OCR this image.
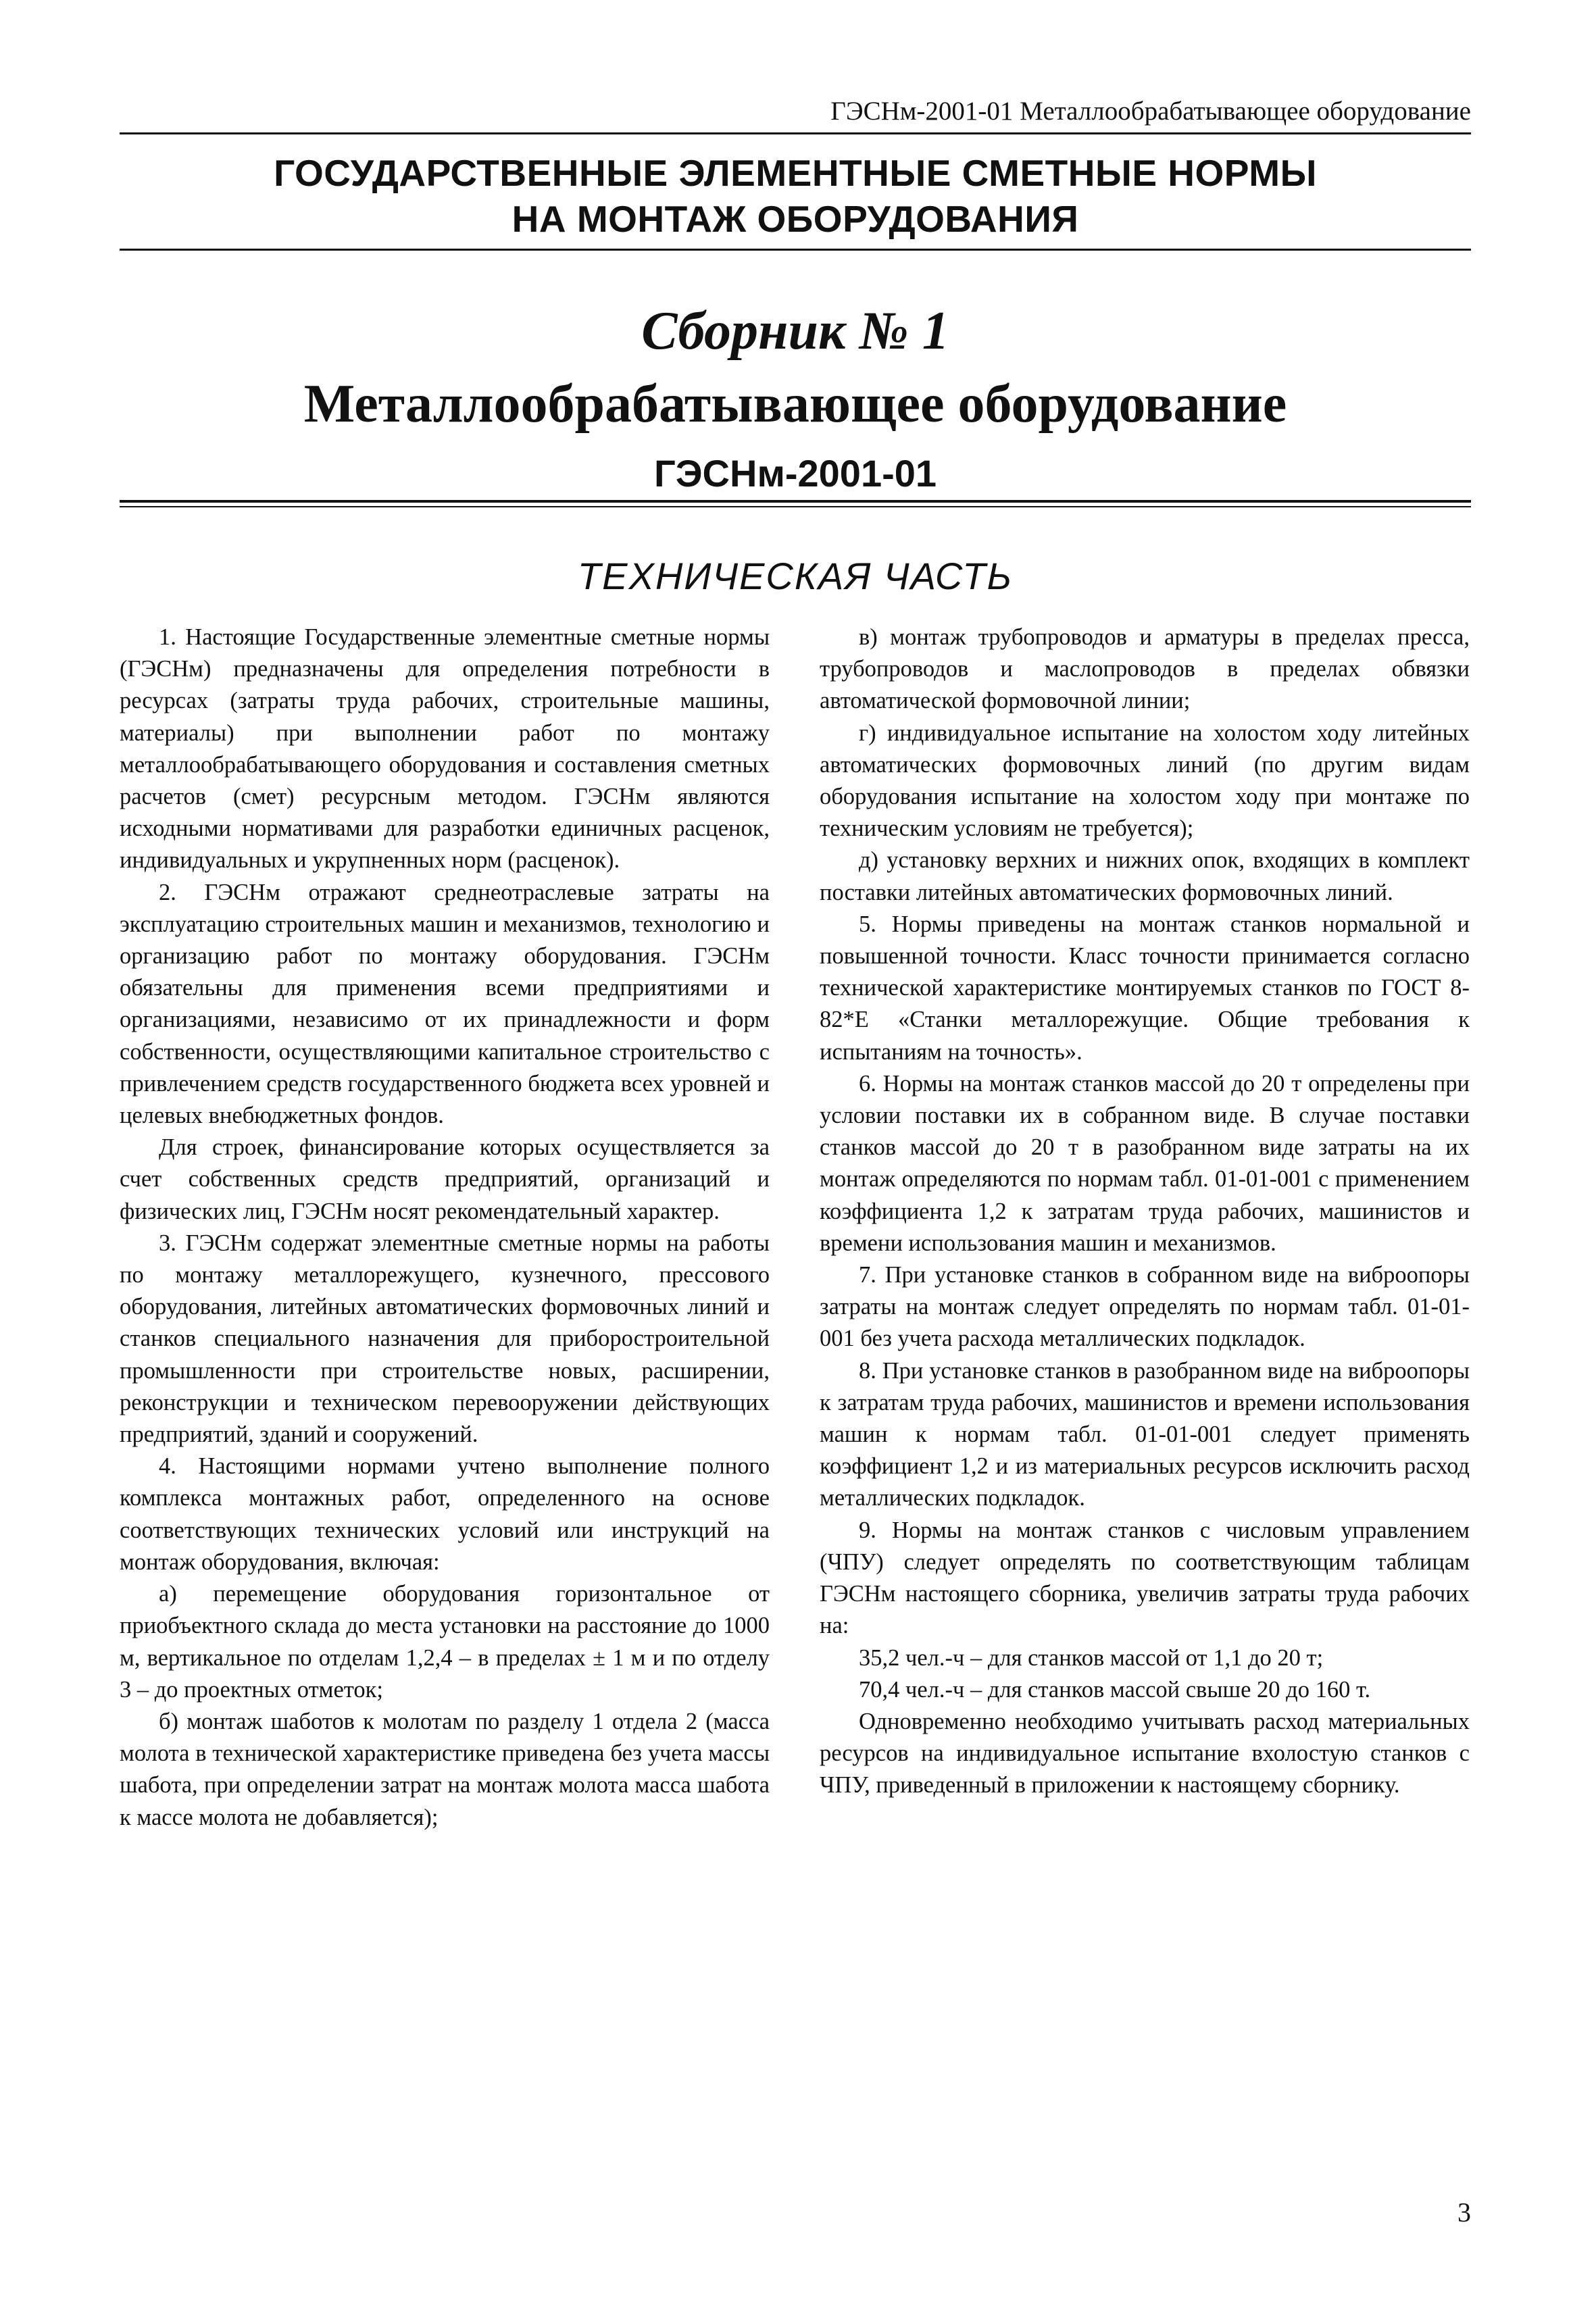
ГЭСНм-2001-01 Металлообрабатывающее оборудование
ГОСУДАРСТВЕННЫЕ ЭЛЕМЕНТНЫЕ СМЕТНЫЕ НОРМЫ
НА МОНТАЖ ОБОРУДОВАНИЯ
Сборник № 1
Металлообрабатывающее оборудование
ГЭСНм-2001-01
ТЕХНИЧЕСКАЯ ЧАСТЬ

1. Настоящие Государственные элементные сметные нормы (ГЭСНм) предназначены для определения потребности в ресурсах (затраты труда рабочих, строительные машины, материалы) при выполнении работ по монтажу металлообрабатывающего оборудования и составления сметных расчетов (смет) ресурсным методом. ГЭСНм являются исходными нормативами для разработки единичных расценок, индивидуальных и укрупненных норм (расценок).

2. ГЭСНм отражают среднеотраслевые затраты на эксплуатацию строительных машин и механизмов, технологию и организацию работ по монтажу оборудования. ГЭСНм обязательны для применения всеми предприятиями и организациями, независимо от их принадлежности и форм собственности, осуществляющими капитальное строительство с привлечением средств государственного бюджета всех уровней и целевых внебюджетных фондов.

Для строек, финансирование которых осуществляется за счет собственных средств предприятий, организаций и физических лиц, ГЭСНм носят рекомендательный характер.

3. ГЭСНм содержат элементные сметные нормы на работы по монтажу металлорежущего, кузнечного, прессового оборудования, литейных автоматических формовочных линий и станков специального назначения для приборостроительной промышленности при строительстве новых, расширении, реконструкции и техническом перевооружении действующих предприятий, зданий и сооружений.

4. Настоящими нормами учтено выполнение полного комплекса монтажных работ, определенного на основе соответствующих технических условий или инструкций на монтаж оборудования, включая:

а) перемещение оборудования горизонтальное от приобъектного склада до места установки на расстояние до 1000 м, вертикальное по отделам 1,2,4 – в пределах ± 1 м и по отделу 3 – до проектных отметок;

б) монтаж шаботов к молотам по разделу 1 отдела 2 (масса молота в технической характеристике приведена без учета массы шабота, при определении затрат на монтаж молота масса шабота к массе молота не добавляется);

в) монтаж трубопроводов и арматуры в пределах пресса, трубопроводов и маслопроводов в пределах обвязки автоматической формовочной линии;

г) индивидуальное испытание на холостом ходу литейных автоматических формовочных линий (по другим видам оборудования испытание на холостом ходу при монтаже по техническим условиям не требуется);

д) установку верхних и нижних опок, входящих в комплект поставки литейных автоматических формовочных линий.

5. Нормы приведены на монтаж станков нормальной и повышенной точности. Класс точности принимается согласно технической характеристике монтируемых станков по ГОСТ 8-82*Е «Станки металлорежущие. Общие требования к испытаниям на точность».

6. Нормы на монтаж станков массой до 20 т определены при условии поставки их в собранном виде. В случае поставки станков массой до 20 т в разобранном виде затраты на их монтаж определяются по нормам табл. 01-01-001 с применением коэффициента 1,2 к затратам труда рабочих, машинистов и времени использования машин и механизмов.

7. При установке станков в собранном виде на виброопоры затраты на монтаж следует определять по нормам табл. 01-01-001 без учета расхода металлических подкладок.

8. При установке станков в разобранном виде на виброопоры к затратам труда рабочих, машинистов и времени использования машин к нормам табл. 01-01-001 следует применять коэффициент 1,2 и из материальных ресурсов исключить расход металлических подкладок.

9. Нормы на монтаж станков с числовым управлением (ЧПУ) следует определять по соответствующим таблицам ГЭСНм настоящего сборника, увеличив затраты труда рабочих на:

35,2 чел.-ч – для станков массой от 1,1 до 20 т;

70,4 чел.-ч – для станков массой свыше 20 до 160 т.

Одновременно необходимо учитывать расход материальных ресурсов на индивидуальное испытание вхолостую станков с ЧПУ, приведенный в приложении к настоящему сборнику.

3
